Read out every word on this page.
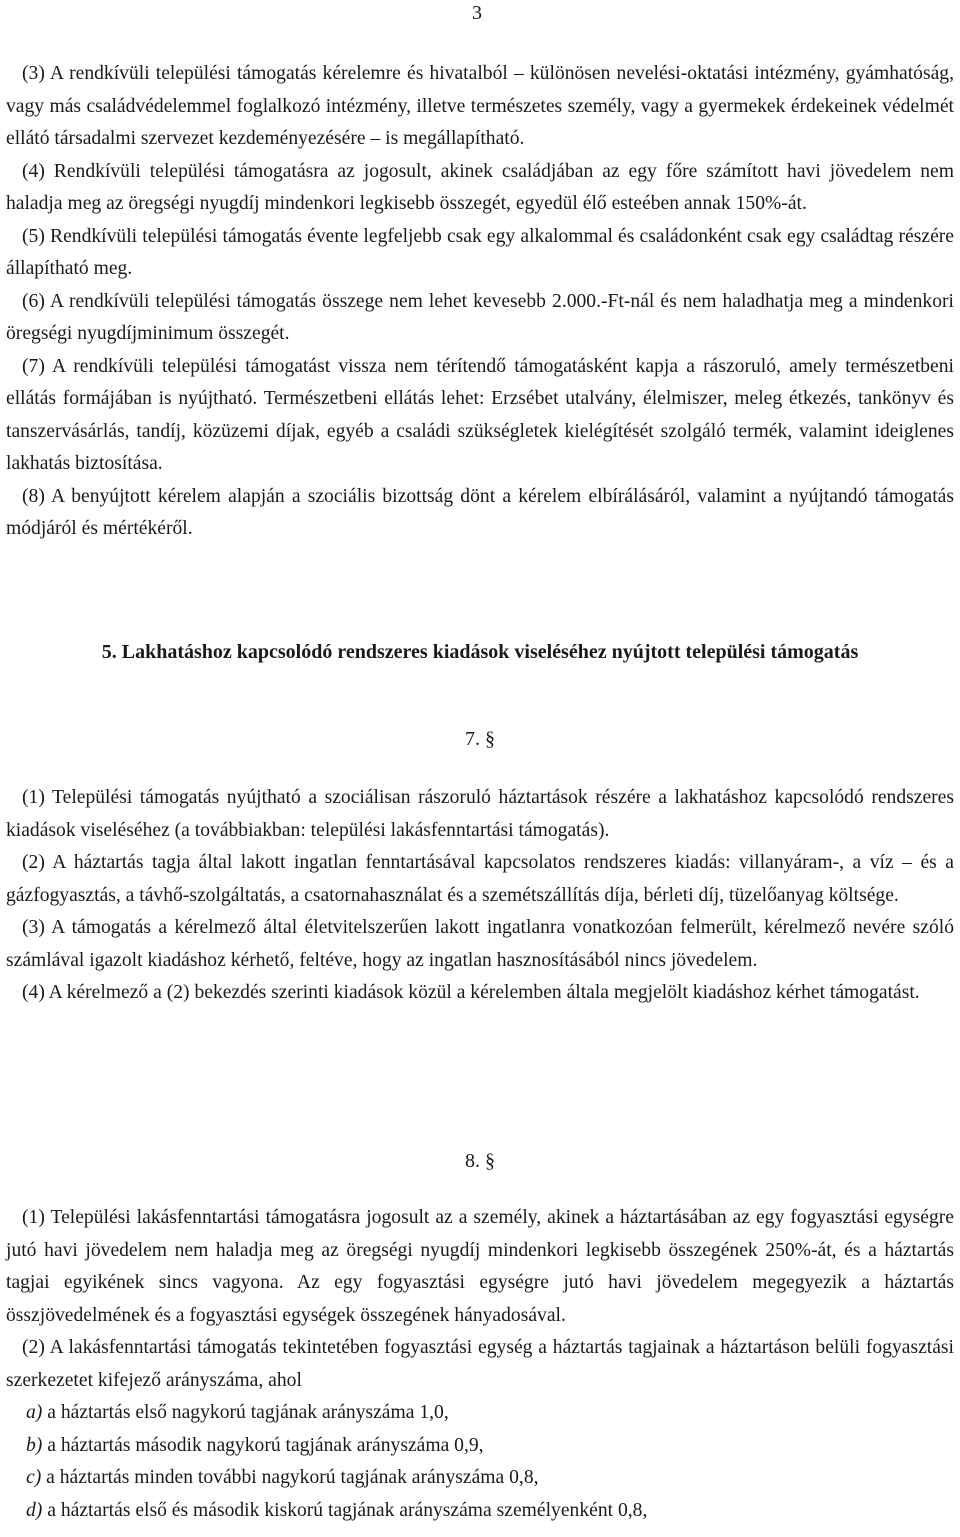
3

(3) A rendkívüli települési támogatás kérelemre és hivatalból – különösen nevelési-oktatási intézmény, gyámhatóság, vagy más családvédelemmel foglalkozó intézmény, illetve természetes személy, vagy a gyermekek érdekeinek védelmét ellátó társadalmi szervezet kezdeményezésére – is megállapítható.

(4) Rendkívüli települési támogatásra az jogosult, akinek családjában az egy főre számított havi jövedelem nem haladja meg az öregségi nyugdíj mindenkori legkisebb összegét, egyedül élő esteében annak 150%-át.

(5) Rendkívüli települési támogatás évente legfeljebb csak egy alkalommal és családonként csak egy családtag részére állapítható meg.

(6) A rendkívüli települési támogatás összege nem lehet kevesebb 2.000.-Ft-nál és nem haladhatja meg a mindenkori öregségi nyugdíjminimum összegét.

(7) A rendkívüli települési támogatást vissza nem térítendő támogatásként kapja a rászoruló, amely természetbeni ellátás formájában is nyújtható. Természetbeni ellátás lehet: Erzsébet utalvány, élelmiszer, meleg étkezés, tankönyv és tanszervásárlás, tandíj, közüzemi díjak, egyéb a családi szükségletek kielégítését szolgáló termék, valamint ideiglenes lakhatás biztosítása.

(8) A benyújtott kérelem alapján a szociális bizottság dönt a kérelem elbírálásáról, valamint a nyújtandó támogatás módjáról és mértékéről.

5. Lakhatáshoz kapcsolódó rendszeres kiadások viseléséhez nyújtott települési támogatás
7. §

(1) Települési támogatás nyújtható a szociálisan rászoruló háztartások részére a lakhatáshoz kapcsolódó rendszeres kiadások viseléséhez (a továbbiakban: települési lakásfenntartási támogatás).

(2) A háztartás tagja által lakott ingatlan fenntartásával kapcsolatos rendszeres kiadás: villanyáram-, a víz – és a gázfogyasztás, a távhő-szolgáltatás, a csatornahasználat és a szemétszállítás díja, bérleti díj, tüzelőanyag költsége.

(3) A támogatás a kérelmező által életvitelszerűen lakott ingatlanra vonatkozóan felmerült, kérelmező nevére szóló számlával igazolt kiadáshoz kérhető, feltéve, hogy az ingatlan hasznosításából nincs jövedelem.

(4) A kérelmező a (2) bekezdés szerinti kiadások közül a kérelemben általa megjelölt kiadáshoz kérhet támogatást.

8. §

(1) Települési lakásfenntartási támogatásra jogosult az a személy, akinek a háztartásában az egy fogyasztási egységre jutó havi jövedelem nem haladja meg az öregségi nyugdíj mindenkori legkisebb összegének 250%-át, és a háztartás tagjai egyikének sincs vagyona. Az egy fogyasztási egységre jutó havi jövedelem megegyezik a háztartás összjövedelmének és a fogyasztási egységek összegének hányadosával.

(2) A lakásfenntartási támogatás tekintetében fogyasztási egység a háztartás tagjainak a háztartáson belüli fogyasztási szerkezetet kifejező arányszáma, ahol

a) a háztartás első nagykorú tagjának arányszáma 1,0,

b) a háztartás második nagykorú tagjának arányszáma 0,9,

c) a háztartás minden további nagykorú tagjának arányszáma 0,8,

d) a háztartás első és második kiskorú tagjának arányszáma személyenként 0,8,
